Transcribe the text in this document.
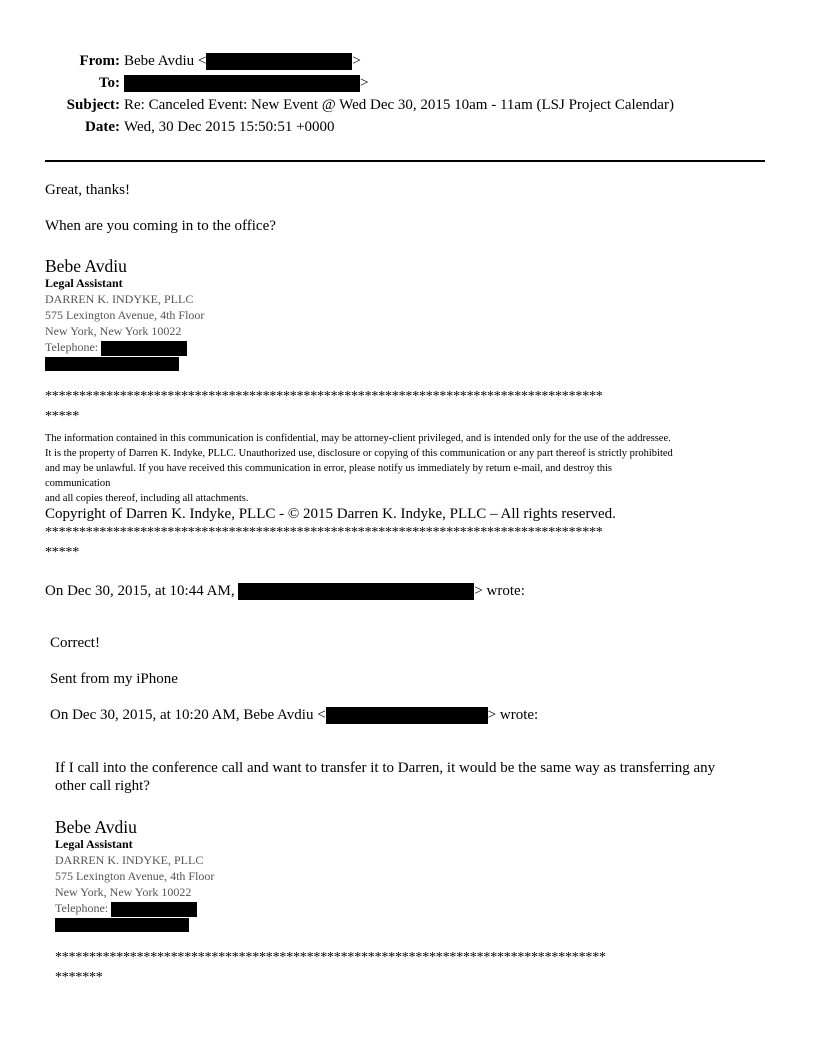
From: Bebe Avdiu <	>
To:	>
Subject: Re: Canceled Event: New Event @ Wed Dec 30, 2015 10am - 11am (LSJ Project Calendar)
Date: Wed, 30 Dec 2015 15:50:51 +0000
Great, thanks!
When are you coming in to the office?
Bebe Avdiu
Legal Assistant
DARREN K. INDYKE, PLLC
575 Lexington Avenue, 4th Floor
New York, New York 10022
Telephone:
**********************************************************************************
*****
The information contained in this communication is confidential, may be attorney-client privileged, and is intended only for the use of the addressee.
It is the property of Darren K. Indyke, PLLC. Unauthorized use, disclosure or copying of this communication or any part thereof is strictly prohibited
and may be unlawful. If you have received this communication in error, please notify us immediately by return e-mail, and destroy this
communication
and all copies thereof, including all attachments.
Copyright of Darren K. Indyke, PLLC - © 2015 Darren K. Indyke, PLLC – All rights reserved.
**********************************************************************************
*****
On Dec 30, 2015, at 10:44 AM,	> wrote:
Correct!
Sent from my iPhone
On Dec 30, 2015, at 10:20 AM, Bebe Avdiu <	> wrote:
If I call into the conference call and want to transfer it to Darren, it would be the same way as transferring any
other call right?
Bebe Avdiu
Legal Assistant
DARREN K. INDYKE, PLLC
575 Lexington Avenue, 4th Floor
New York, New York 10022
Telephone:
*********************************************************************************
*******
